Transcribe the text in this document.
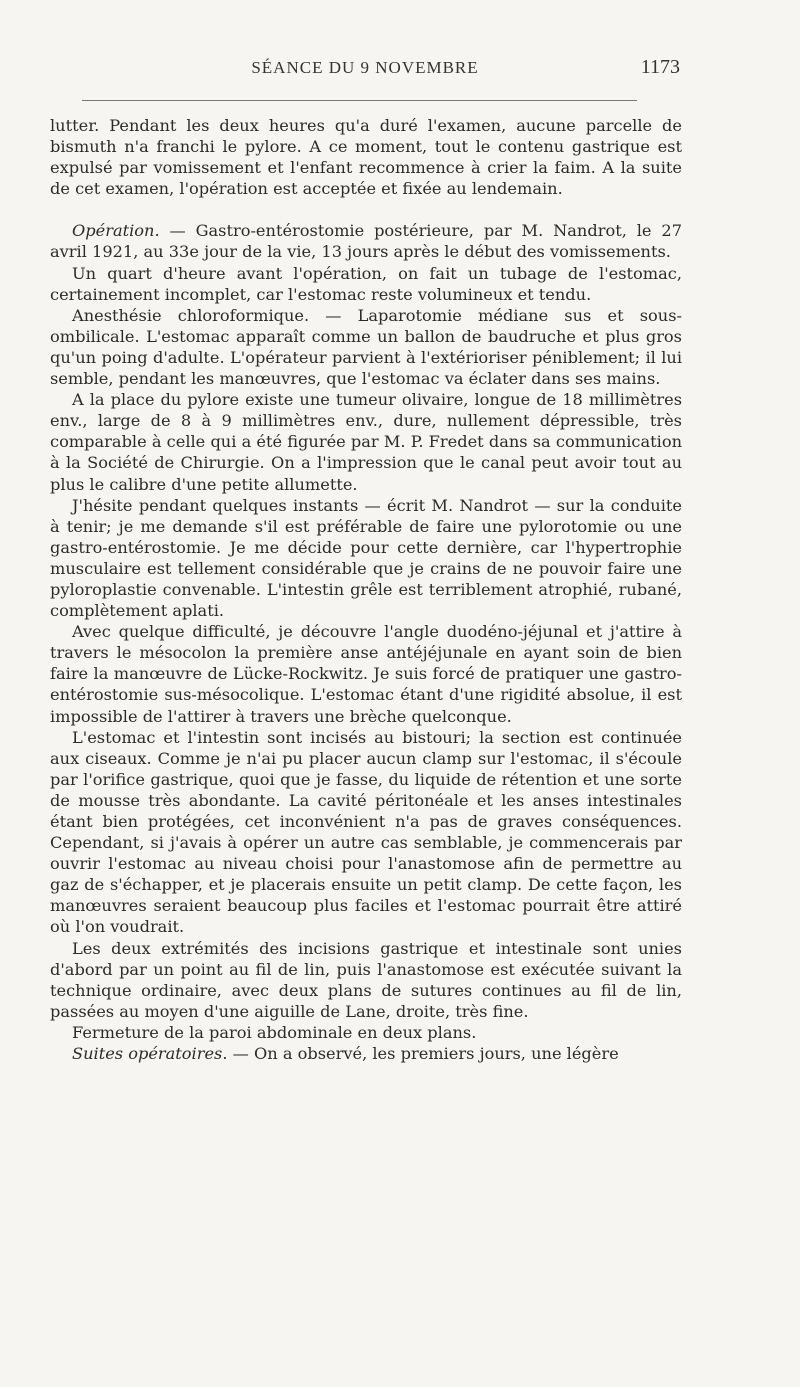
SÉANCE DU 9 NOVEMBRE	1173

lutter. Pendant les deux heures qu'a duré l'examen, aucune parcelle de bismuth n'a franchi le pylore. A ce moment, tout le contenu gastrique est expulsé par vomissement et l'enfant recommence à crier la faim. A la suite de cet examen, l'opération est acceptée et fixée au lendemain.

Opération. — Gastro-entérostomie postérieure, par M. Nandrot, le 27 avril 1921, au 33e jour de la vie, 13 jours après le début des vomissements.

Un quart d'heure avant l'opération, on fait un tubage de l'estomac, certainement incomplet, car l'estomac reste volumineux et tendu.

Anesthésie chloroformique. — Laparotomie médiane sus et sous-ombilicale. L'estomac apparaît comme un ballon de baudruche et plus gros qu'un poing d'adulte. L'opérateur parvient à l'extérioriser péniblement; il lui semble, pendant les manœuvres, que l'estomac va éclater dans ses mains.

A la place du pylore existe une tumeur olivaire, longue de 18 millimètres env., large de 8 à 9 millimètres env., dure, nullement dépressible, très comparable à celle qui a été figurée par M. P. Fredet dans sa communication à la Société de Chirurgie. On a l'impression que le canal peut avoir tout au plus le calibre d'une petite allumette.

J'hésite pendant quelques instants — écrit M. Nandrot — sur la conduite à tenir; je me demande s'il est préférable de faire une pylorotomie ou une gastro-entérostomie. Je me décide pour cette dernière, car l'hypertrophie musculaire est tellement considérable que je crains de ne pouvoir faire une pyloroplastie convenable. L'intestin grêle est terriblement atrophié, rubané, complètement aplati.

Avec quelque difficulté, je découvre l'angle duodéno-jéjunal et j'attire à travers le mésocolon la première anse antéjéjunale en ayant soin de bien faire la manœuvre de Lücke-Rockwitz. Je suis forcé de pratiquer une gastro-entérostomie sus-mésocolique. L'estomac étant d'une rigidité absolue, il est impossible de l'attirer à travers une brèche quelconque.

L'estomac et l'intestin sont incisés au bistouri; la section est continuée aux ciseaux. Comme je n'ai pu placer aucun clamp sur l'estomac, il s'écoule par l'orifice gastrique, quoi que je fasse, du liquide de rétention et une sorte de mousse très abondante. La cavité péritonéale et les anses intestinales étant bien protégées, cet inconvénient n'a pas de graves conséquences. Cependant, si j'avais à opérer un autre cas semblable, je commencerais par ouvrir l'estomac au niveau choisi pour l'anastomose afin de permettre au gaz de s'échapper, et je placerais ensuite un petit clamp. De cette façon, les manœuvres seraient beaucoup plus faciles et l'estomac pourrait être attiré où l'on voudrait.

Les deux extrémités des incisions gastrique et intestinale sont unies d'abord par un point au fil de lin, puis l'anastomose est exécutée suivant la technique ordinaire, avec deux plans de sutures continues au fil de lin, passées au moyen d'une aiguille de Lane, droite, très fine.

Fermeture de la paroi abdominale en deux plans.

Suites opératoires. — On a observé, les premiers jours, une légère
